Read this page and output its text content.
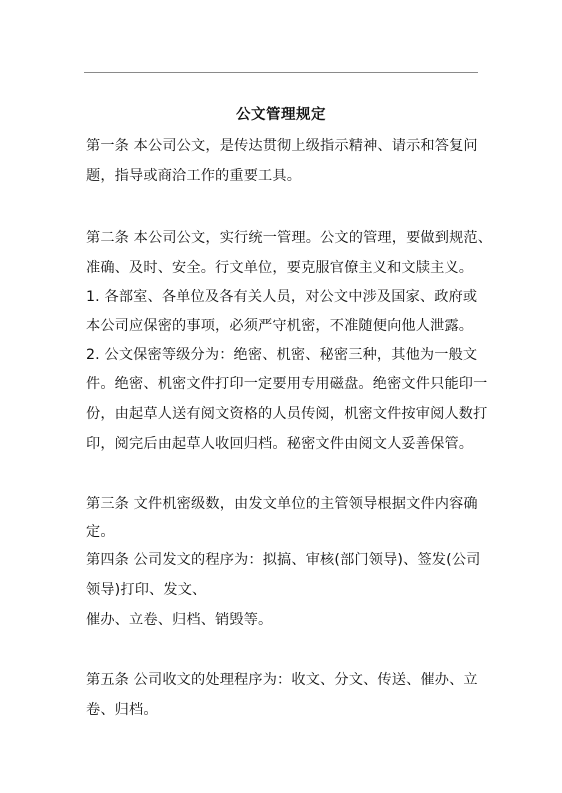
公文管理规定
第一条 本公司公文，是传达贯彻上级指示精神、请示和答复问
题，指导或商洽工作的重要工具。
第二条 本公司公文，实行统一管理。公文的管理，要做到规范、
准确、及时、安全。行文单位，要克服官僚主义和文牍主义。
1. 各部室、各单位及各有关人员，对公文中涉及国家、政府或
本公司应保密的事项，必须严守机密，不准随便向他人泄露。
2. 公文保密等级分为：绝密、机密、秘密三种，其他为一般文
件。绝密、机密文件打印一定要用专用磁盘。绝密文件只能印一
份，由起草人送有阅文资格的人员传阅，机密文件按审阅人数打
印，阅完后由起草人收回归档。秘密文件由阅文人妥善保管。
第三条 文件机密级数，由发文单位的主管领导根据文件内容确
定。
第四条 公司发文的程序为：拟搞、审核(部门领导)、签发(公司
领导)打印、发文、
催办、立卷、归档、销毁等。
第五条 公司收文的处理程序为：收文、分文、传送、催办、立
卷、归档。
